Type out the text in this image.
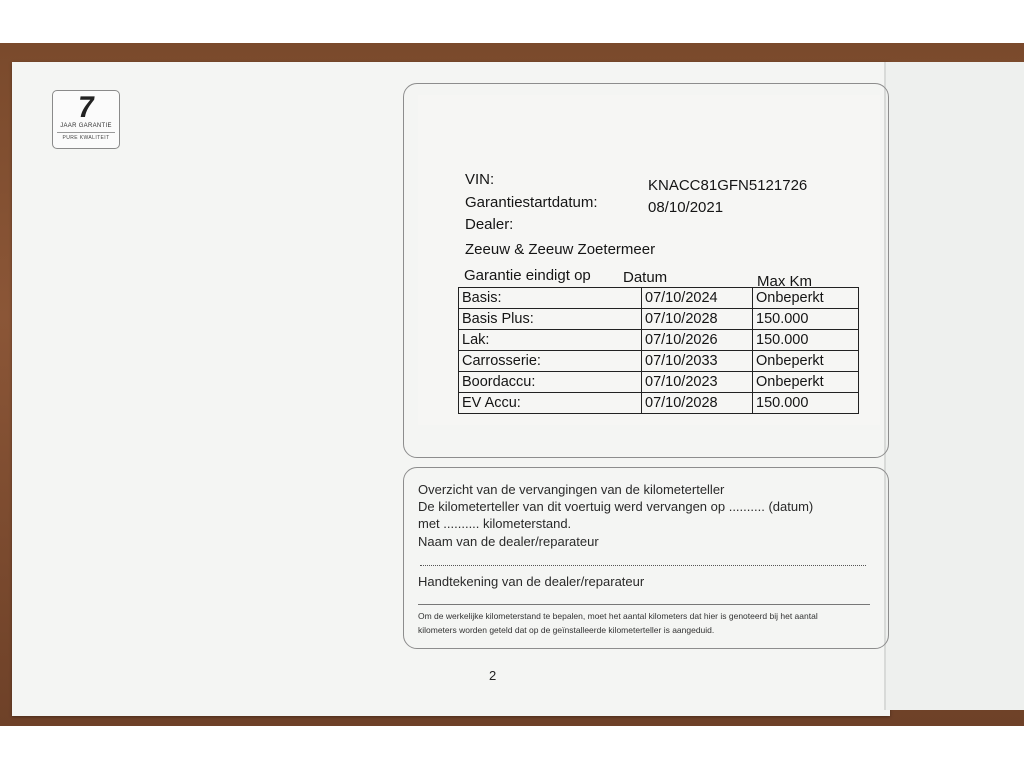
7
JAAR GARANTIE
PURE KWALITEIT
VIN:	KNACC81GFN5121726
Garantiestartdatum:	08/10/2021
Dealer:
Zeeuw & Zeeuw Zoetermeer
Garantie eindigt op Datum	Max Km
Basis:	07/10/2024	Onbeperkt
Basis Plus:	07/10/2028	150.000
Lak:	07/10/2026	150.000
Carrosserie:	07/10/2033	Onbeperkt
Boordaccu:	07/10/2023	Onbeperkt
EV Accu:	07/10/2028	150.000
Overzicht van de vervangingen van de kilometerteller
De kilometerteller van dit voertuig werd vervangen op .......... (datum)
met .......... kilometerstand.
Naam van de dealer/reparateur
Handtekening van de dealer/reparateur
Om de werkelijke kilometerstand te bepalen, moet het aantal kilometers dat hier is genoteerd bij het aantal
kilometers worden geteld dat op de geïnstalleerde kilometerteller is aangeduid.
2
